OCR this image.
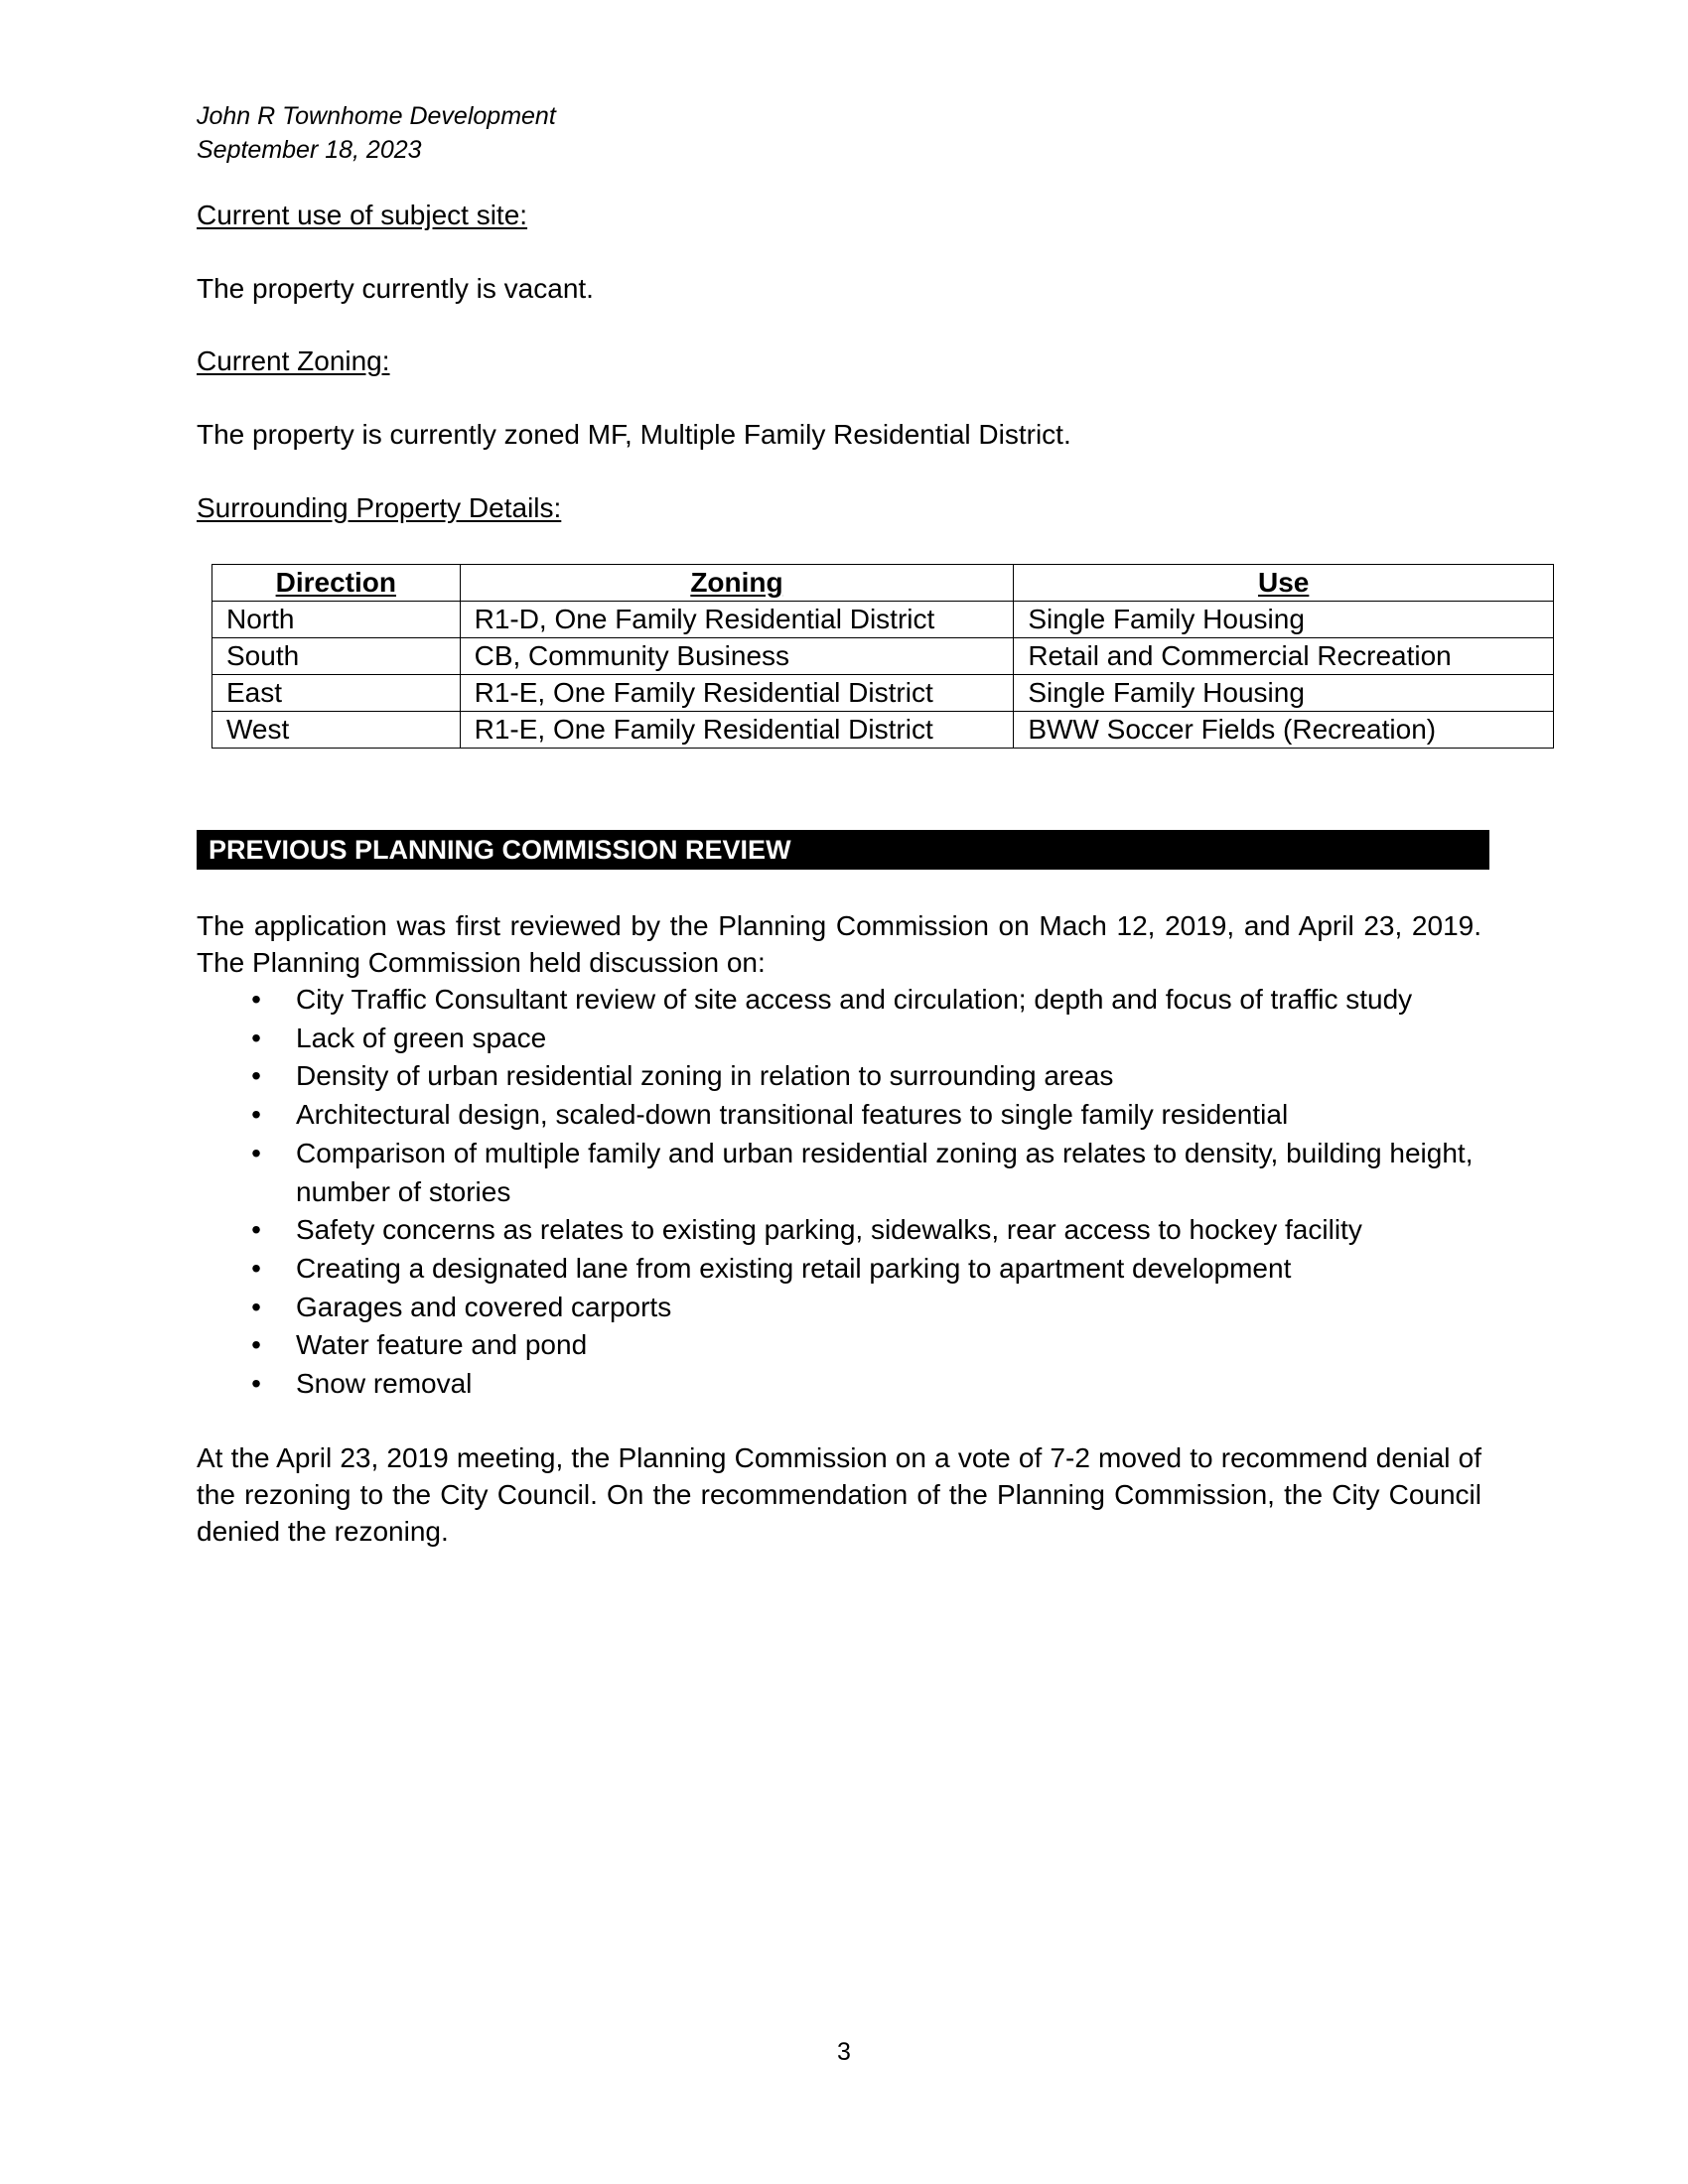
John R Townhome Development
September 18, 2023
Current use of subject site:
The property currently is vacant.
Current Zoning:
The property is currently zoned MF, Multiple Family Residential District.
Surrounding Property Details:
Direction	Zoning	Use
North	R1-D, One Family Residential District	Single Family Housing
South	CB, Community Business	Retail and Commercial Recreation
East	R1-E, One Family Residential District	Single Family Housing
West	R1-E, One Family Residential District	BWW Soccer Fields (Recreation)
PREVIOUS PLANNING COMMISSION REVIEW
The application was first reviewed by the Planning Commission on Mach 12, 2019, and April 23, 2019. The Planning Commission held discussion on:
• City Traffic Consultant review of site access and circulation; depth and focus of traffic study
• Lack of green space
• Density of urban residential zoning in relation to surrounding areas
• Architectural design, scaled-down transitional features to single family residential
• Comparison of multiple family and urban residential zoning as relates to density, building height, number of stories
• Safety concerns as relates to existing parking, sidewalks, rear access to hockey facility
• Creating a designated lane from existing retail parking to apartment development
• Garages and covered carports
• Water feature and pond
• Snow removal
At the April 23, 2019 meeting, the Planning Commission on a vote of 7-2 moved to recommend denial of the rezoning to the City Council. On the recommendation of the Planning Commission, the City Council denied the rezoning.
3
